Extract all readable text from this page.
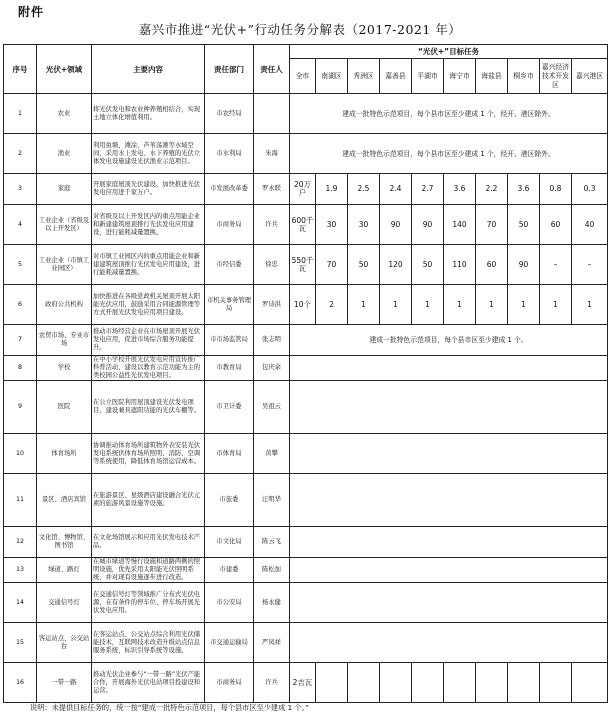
附件
嘉兴市推进“光伏+”行动任务分解表（2017-2021 年）
序号	光伏+领域	主要内容	责任部门	责任人	“光伏+”目标任务									
					全市	南湖区	秀洲区	嘉善县	平湖市	海宁市	海盐县	桐乡市	嘉兴经济技术开发区	嘉兴港区
1	农业	将光伏发电和农业种养殖相结合，实现土地立体化增值利用。	市农经局		建成一批特色示范项目，每个县市区至少建成 1 个，经开、港区除外。									
2	渔业	利用鱼塘、滩涂、芦苇荡滩等水域空间，采用水上发电、水下养殖的光伏立体发电设施建设光伏渔业示范项目。	市水利局	朱海	建成一批特色示范项目，每个县市区至少建成 1 个，经开、港区除外。									
3	家庭	开展家庭屋顶光伏建设，加快推进光伏发电应用进千家万户。	市发展改革委	罗永联	20万户	1.9	2.5	2.4	2.7	3.6	2.2	3.6	0.8	0.3
4	工业企业（省级及以上开发区）	对省级及以上开发区内的重点用能企业和新建建筑屋顶推行光伏发电应用建设，进行能耗减量置换。	市商务局	许兵	600千瓦	30	30	90	90	140	70	50	60	40
5	工业企业（市镇工业园区）	对市镇工业园区内的重点用能企业和新建建筑屋顶推行光伏发电应用建设，进行能耗减量置换。	市经信委	徐忠	550千瓦	70	50	120	50	110	60	90	–	–
6	政府公共机构	加快推进在各级党政机关屋顶开展太阳能光伏应用，鼓励采用合同能源管理等方式开展光伏发电应用项目建设。	市机关事务管理局	罗诗洪	10个	2	1	1	1	1	1	1	1	1
7	农贸市场、专业市场	推动市场经营企业在市场屋顶开展光伏发电应用，促进市场综合服务功能提升。	市市场监管局	张志明	建成一批特色示范项目，每个县市区至少建成 1 个。									
8	学校	在中小学校开展光伏发电应用宣传推广科普活动，建设以教育示范功能为主的类校园公益性光伏发电项目。	市教育局	包庆余										
9	医院	在公立医院利用屋顶建设光伏发电项目，建设兼具遮阳功能的光伏车棚等。	市卫计委	吴祖云										
10	体育场所	协调推动体育场所建筑物外表安装光伏发电系统供体育场所照明、消防、空调等系统使用，降低体育场馆运营成本。	市体育局	黄攀										
11	景区、酒店宾馆	在旅游景区、星级酒店建设融合光伏元素的旅游风景设施等设施。	市旅委	汪明华										
12	文化馆、博物馆、图书馆	在文化场馆展示和应用光伏发电技术产品。	市文化局	陈云飞										
13	绿道、路灯	在城市绿道等慢行设施和道路两侧的照明设施，优先采用太阳能光伏照明系统，并对现有设施逐步进行改造。	市建委	陈松加										
14	交通信号灯	在交通信号灯等领域推广分布式光伏电源，在有条件的停车位、停车场开展光伏发电应用。	市公安局	杨永健										
15	客运站点、公交站台	在客运站点、公交站点综合利用光伏储能技术，互联网技术改造升级站点信息服务系统，标识引导系统等设施。	市交通运输局	严凤祥										
16	一带一路	推动光伏企业参与“一带一路”光伏产能合作，开展海外光伏电站项目投建设和运营。	市商务局	许兵	2吉瓦									
说明：未提供目标任务的，统一按“建成一批特色示范项目，每个县市区至少建成 1 个。”
